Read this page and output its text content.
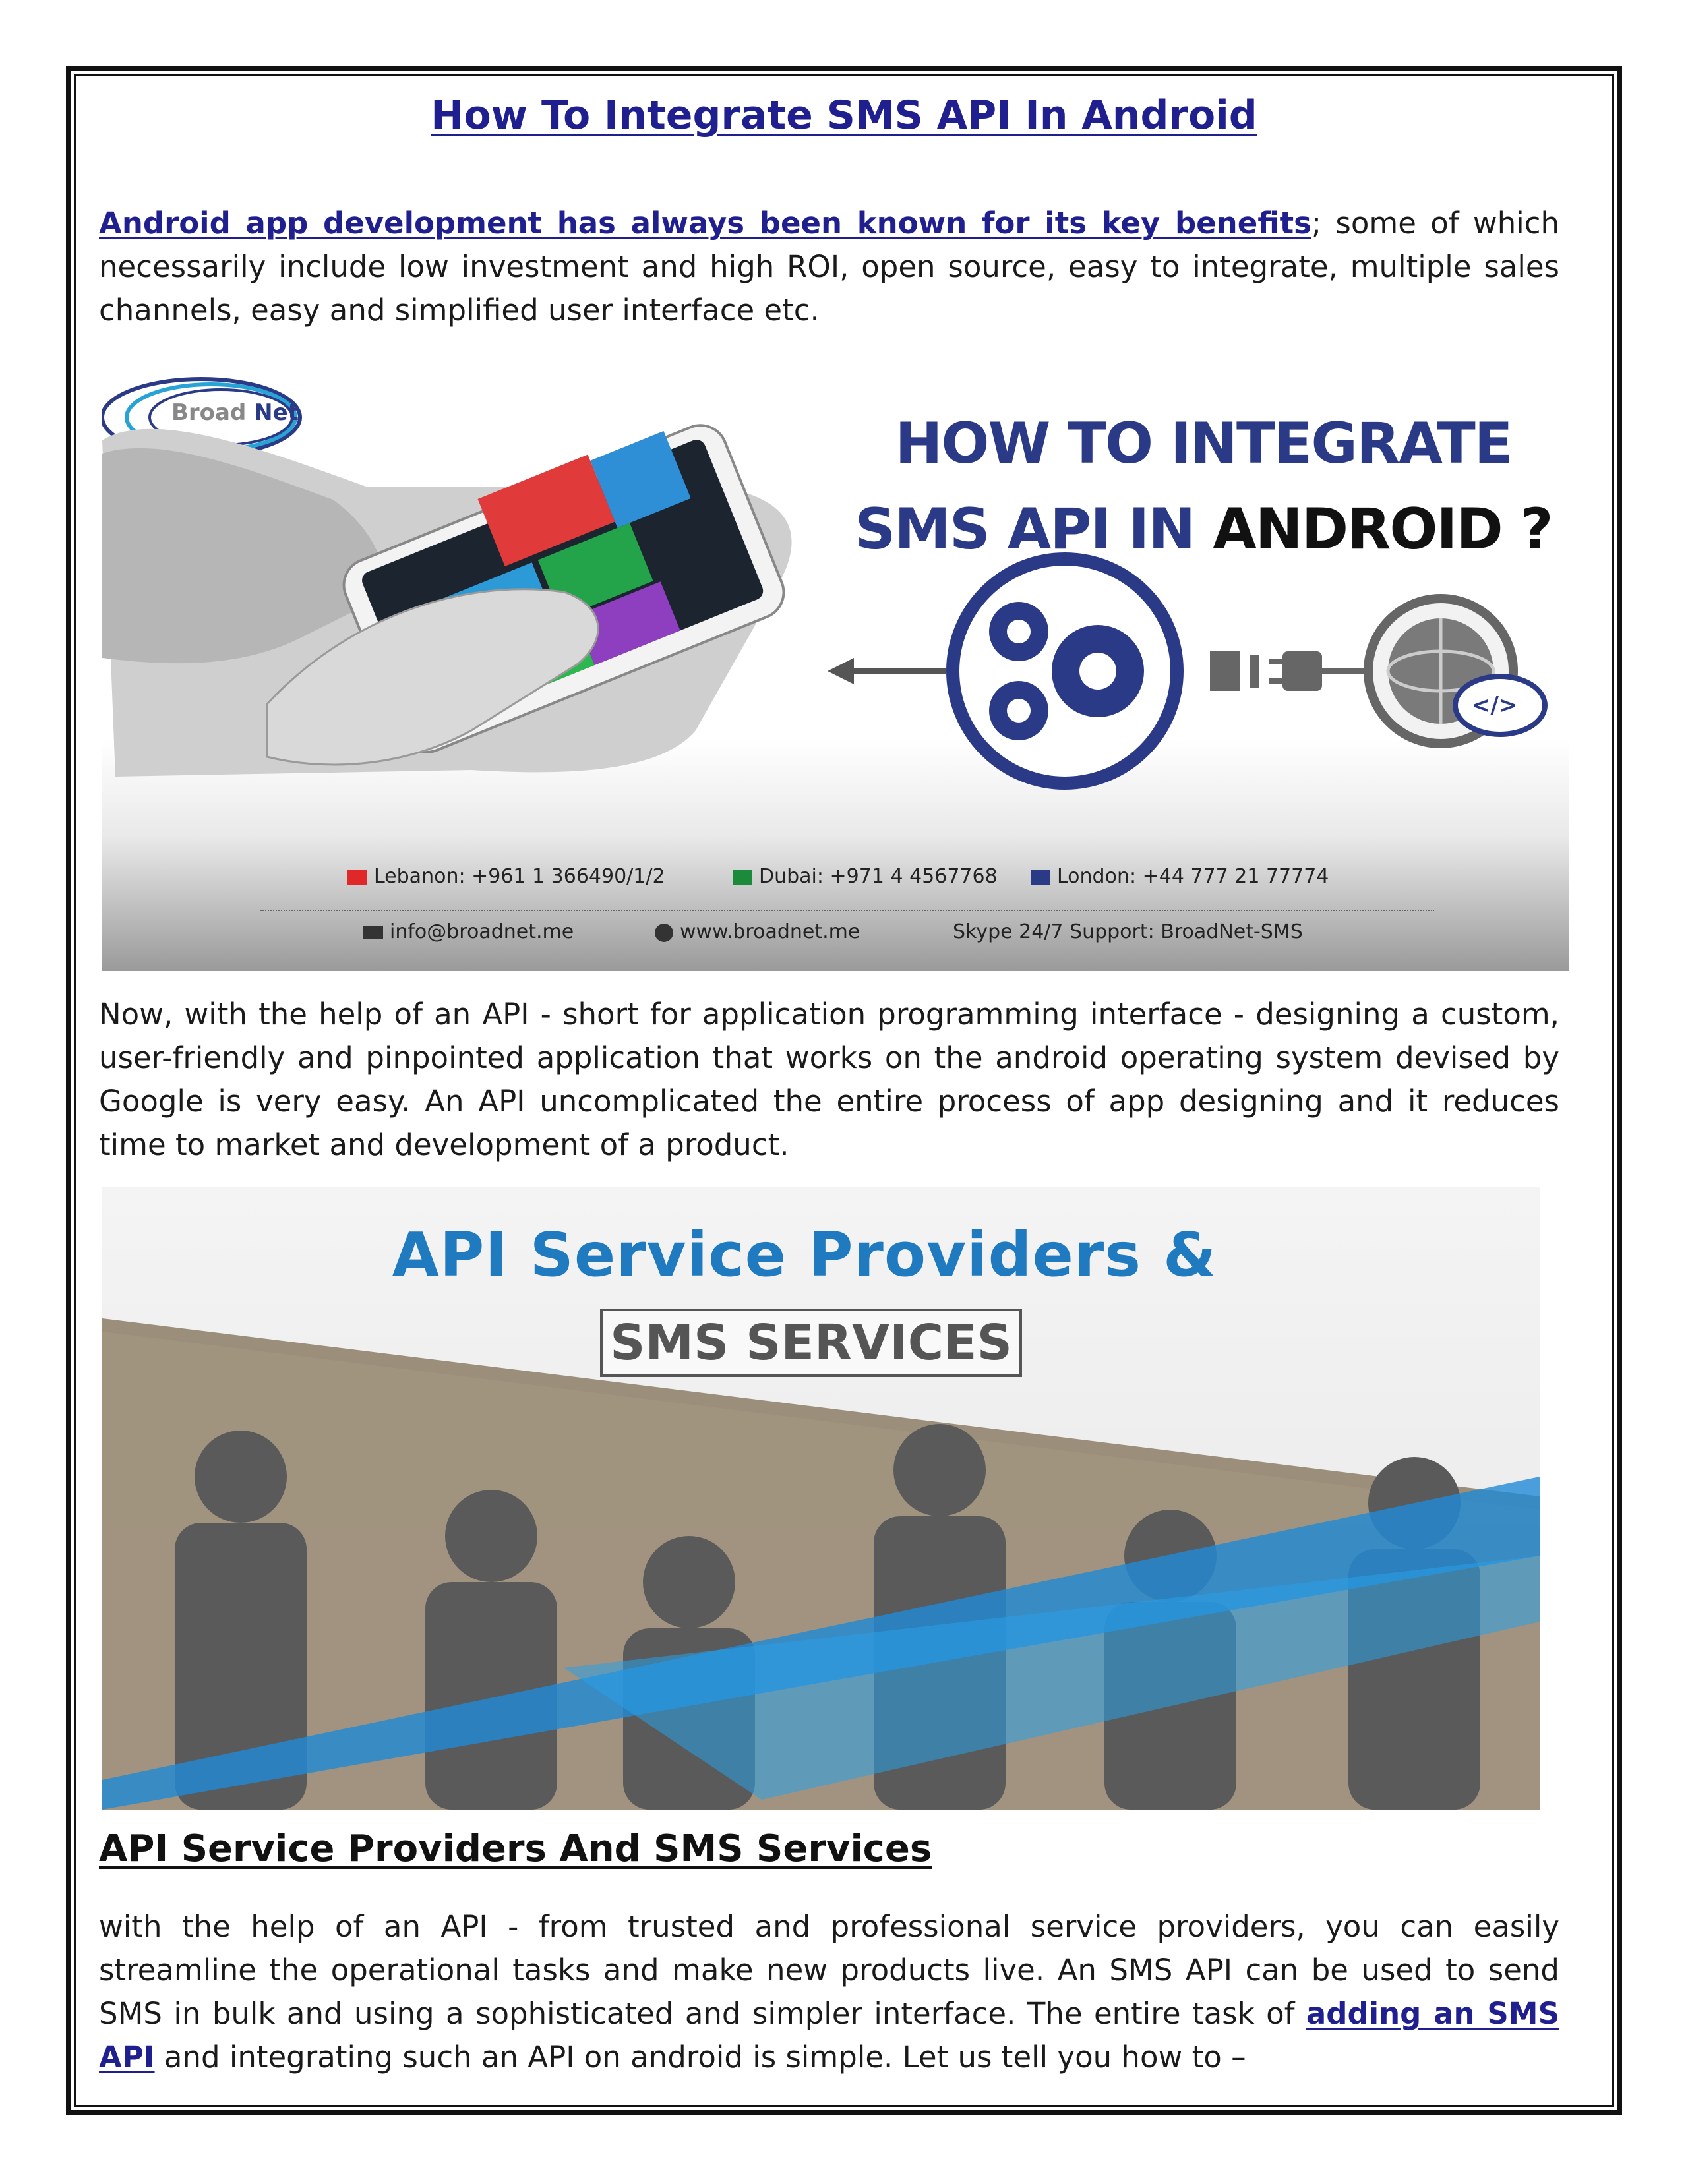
How To Integrate SMS API In Android
Android app development has always been known for its key benefits; some of which necessarily include low investment and high ROI, open source, easy to integrate, multiple sales channels, easy and simplified user interface etc.
Broad Net	HOW TO INTEGRATE
SMS API IN ANDROID ?
</>
Lebanon: +961 1 366490/1/2	Dubai: +971 4 4567768	London: +44 777 21 77774
info@broadnet.me	www.broadnet.me	Skype 24/7 Support: BroadNet-SMS
Now, with the help of an API - short for application programming interface - designing a custom, user-friendly and pinpointed application that works on the android operating system devised by Google is very easy. An API uncomplicated the entire process of app designing and it reduces time to market and development of a product.
API Service Providers &
SMS SERVICES
API Service Providers And SMS Services
with the help of an API - from trusted and professional service providers, you can easily streamline the operational tasks and make new products live. An SMS API can be used to send SMS in bulk and using a sophisticated and simpler interface. The entire task of adding an SMS API and integrating such an API on android is simple. Let us tell you how to –
